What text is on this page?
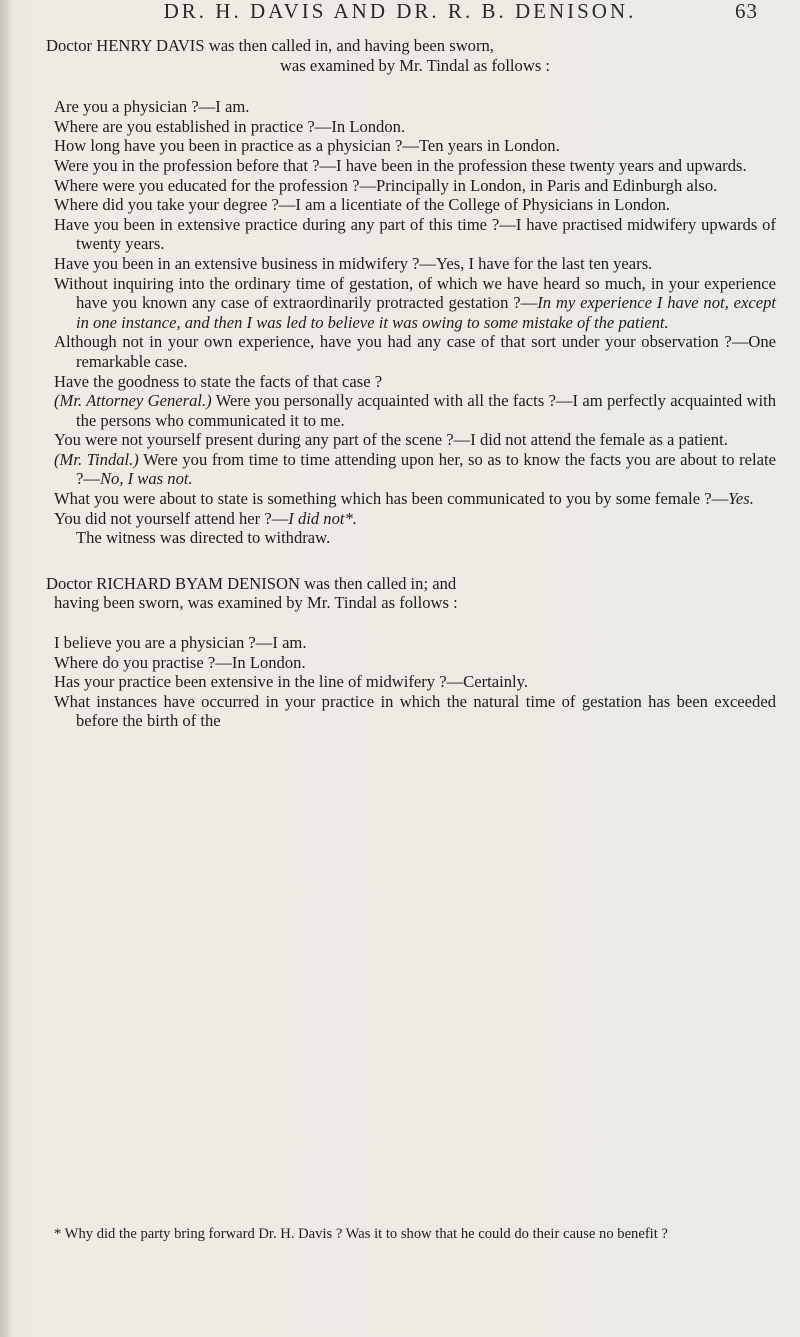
DR. H. DAVIS AND DR. R. B. DENISON.	63

Doctor HENRY DAVIS was then called in, and having been sworn,

was examined by Mr. Tindal as follows :

Are you a physician ?—I am.

Where are you established in practice ?—In London.

How long have you been in practice as a physician ?—Ten years in London.

Were you in the profession before that ?—I have been in the profession these twenty years and upwards.

Where were you educated for the profession ?—Principally in London, in Paris and Edinburgh also.

Where did you take your degree ?—I am a licentiate of the College of Physicians in London.

Have you been in extensive practice during any part of this time ?—I have practised midwifery upwards of twenty years.

Have you been in an extensive business in midwifery ?—Yes, I have for the last ten years.

Without inquiring into the ordinary time of gestation, of which we have heard so much, in your experience have you known any case of extraordinarily protracted gestation ?—In my experience I have not, except in one instance, and then I was led to believe it was owing to some mistake of the patient.

Although not in your own experience, have you had any case of that sort under your observation ?—One remarkable case.

Have the goodness to state the facts of that case ?

(Mr. Attorney General.) Were you personally acquainted with all the facts ?—I am perfectly acquainted with the persons who communicated it to me.

You were not yourself present during any part of the scene ?—I did not attend the female as a patient.

(Mr. Tindal.) Were you from time to time attending upon her, so as to know the facts you are about to relate ?—No, I was not.

What you were about to state is something which has been communicated to you by some female ?—Yes.

You did not yourself attend her ?—I did not*.

The witness was directed to withdraw.

Doctor RICHARD BYAM DENISON was then called in; and

having been sworn, was examined by Mr. Tindal as follows :

I believe you are a physician ?—I am.

Where do you practise ?—In London.

Has your practice been extensive in the line of midwifery ?—Certainly.

What instances have occurred in your practice in which the natural time of gestation has been exceeded before the birth of the

* Why did the party bring forward Dr. H. Davis ? Was it to show that he could do their cause no benefit ?
